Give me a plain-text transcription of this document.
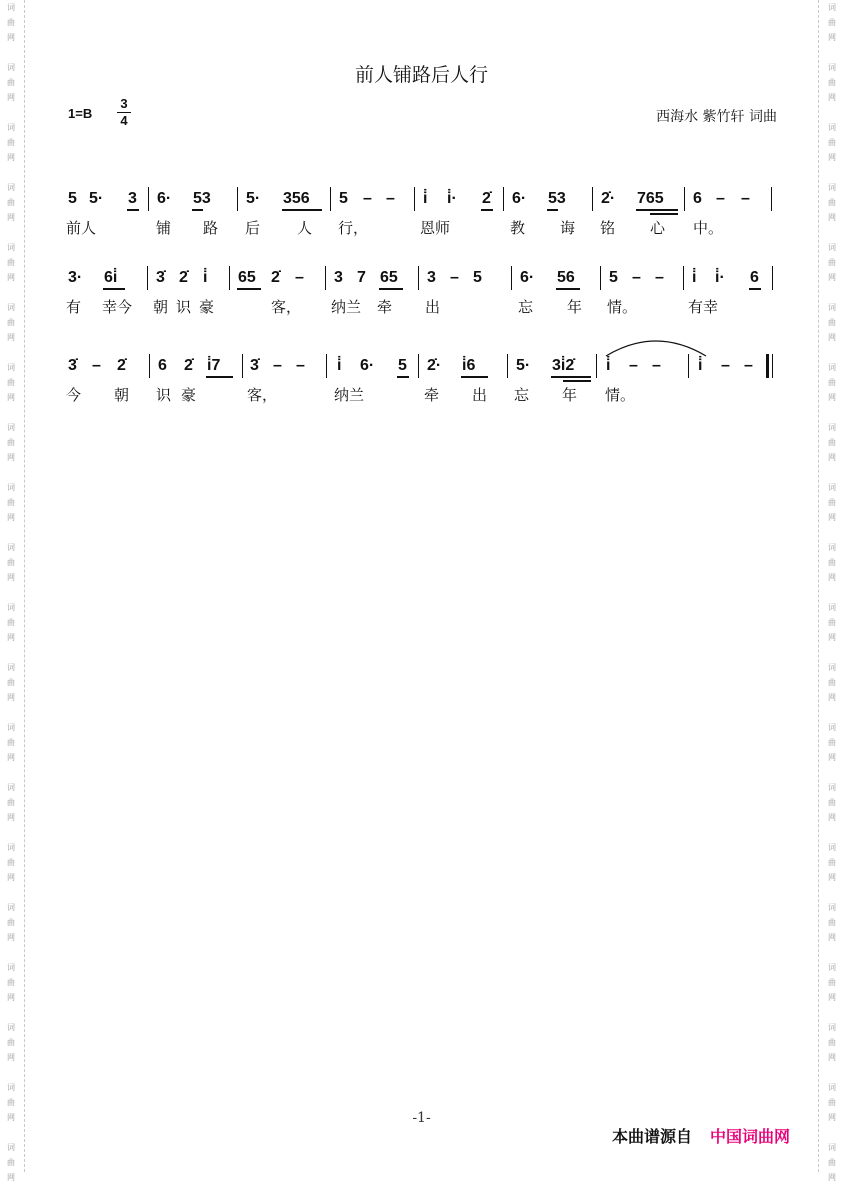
词
曲
网
词
曲
网
词
曲
网
词
曲
网
词
曲
网
词
曲
网
词
曲
网
词
曲
网
词
曲
网
词
曲
网
词
曲
网
词
曲
网
词
曲
网
词
曲
网
词
曲
网
词
曲
网
词
曲
网
词
曲
网
词
曲
网
词
曲
网
词
曲
网
词
曲
网
词
曲
网
词
曲
网
词
曲
网
词
曲
网
词
曲
网
词
曲
网
词
曲
网
词
曲
网
词
曲
网
词
曲
网
词
曲
网
词
曲
网
词
曲
网
词
曲
网
词
曲
网
词
曲
网
词
曲
网
词
曲
网
前人铺路后人行
1=B
3
4	西海水 紫竹轩 词曲
5 5· 3 6· 53 5· 356 5 – – i̇ i̇· 2̇ 6· 53 2̇· 765 6 – –
前人	铺 路 后 人 行，	恩师	教 诲 铭 心 中。
3· 6i̇ 3̇ 2̇ i̇ 65 2̇ – 3 7 65 3 – 5 6· 56 5 – – i̇ i̇· 6
有 幸今 朝 识 豪	客， 纳兰 牵 出	忘 年 情。	有幸
3̇ – 2̇ 6 2̇ i̇7 3̇ – – i̇ 6· 5 2̇· i̇6	5· 3i̇2̇ i̇ – – i̇ – –
今 朝 识 豪	客，	纳兰	牵 出 忘 年 情。
-1-
本曲谱源自 中国词曲网
